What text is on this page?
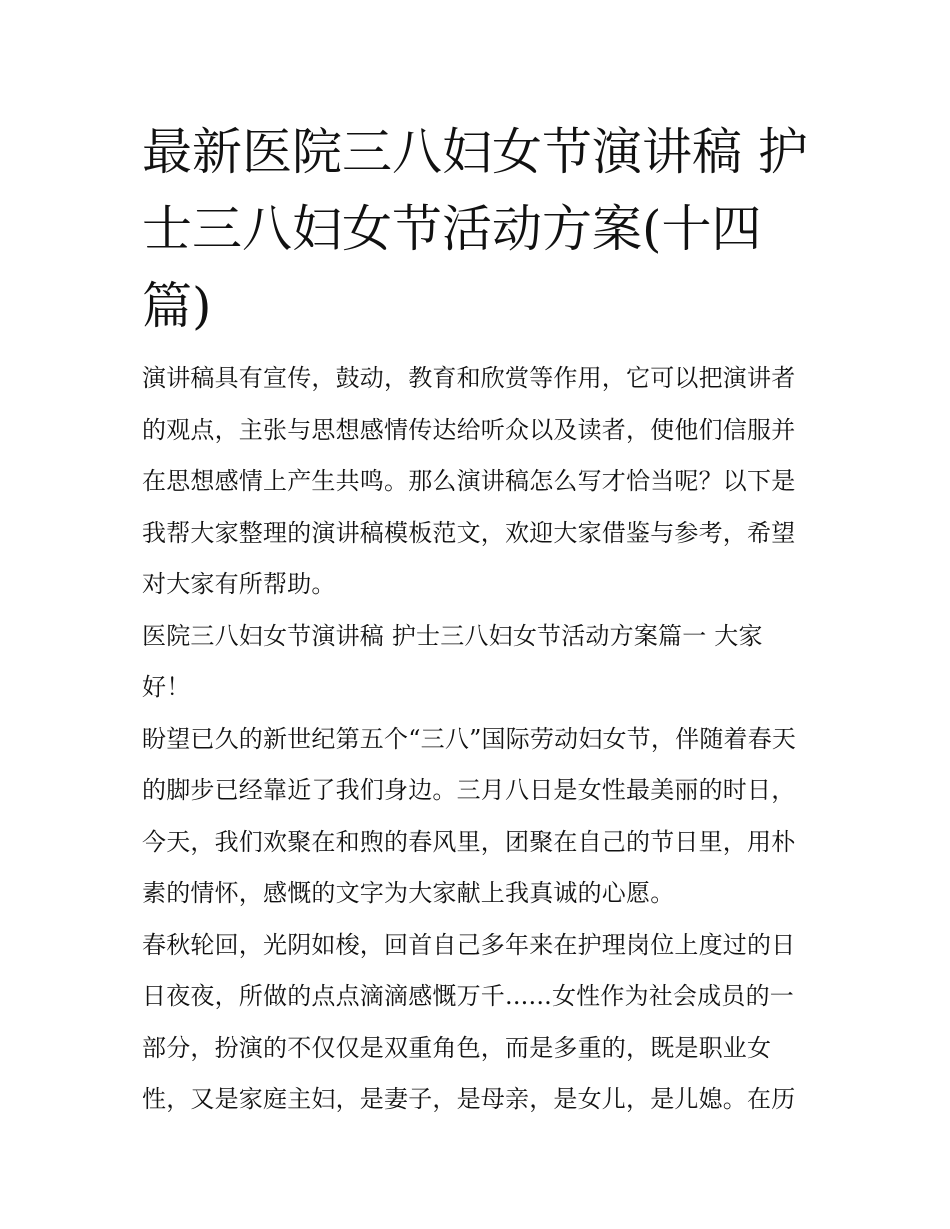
最新医院三八妇女节演讲稿 护士三八妇女节活动方案(十四篇)

演讲稿具有宣传，鼓动，教育和欣赏等作用，它可以把演讲者的观点，主张与思想感情传达给听众以及读者，使他们信服并在思想感情上产生共鸣。那么演讲稿怎么写才恰当呢？以下是我帮大家整理的演讲稿模板范文，欢迎大家借鉴与参考，希望对大家有所帮助。

医院三八妇女节演讲稿 护士三八妇女节活动方案篇一 大家好！

盼望已久的新世纪第五个“三八”国际劳动妇女节，伴随着春天的脚步已经靠近了我们身边。三月八日是女性最美丽的时日，今天，我们欢聚在和煦的春风里，团聚在自己的节日里，用朴素的情怀，感慨的文字为大家献上我真诚的心愿。

春秋轮回，光阴如梭，回首自己多年来在护理岗位上度过的日日夜夜，所做的点点滴滴感慨万千......女性作为社会成员的一部分，扮演的不仅仅是双重角色，而是多重的，既是职业女性，又是家庭主妇，是妻子，是母亲，是女儿，是儿媳。在历
